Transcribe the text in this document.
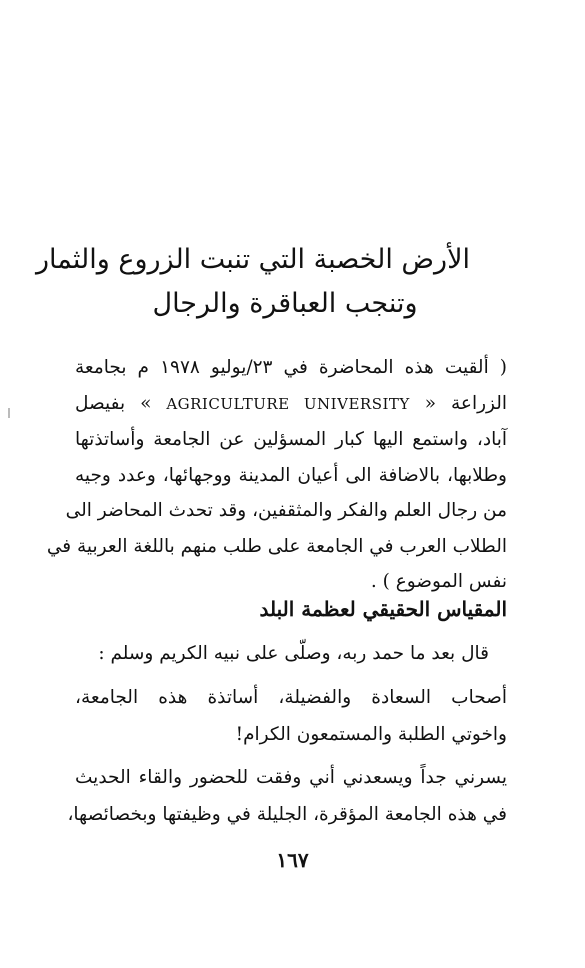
الأرض الخصبة التي تنبت الزروع والثمار
وتنجب العباقرة والرجال
( ألقيت هذه المحاضرة في ٢٣/يوليو ١٩٧٨ م بجامعة
الزراعة « AGRICULTURE UNIVERSITY » بفيصل
آباد، واستمع اليها كبار المسؤلين عن الجامعة وأساتذتها
وطلابها، بالاضافة الى أعيان المدينة ووجهائها، وعدد وجيه
من رجال العلم والفكر والمثقفين، وقد تحدث المحاضر الى
الطلاب العرب في الجامعة على طلب منهم باللغة العربية في
نفس الموضوع ) .
المقياس الحقيقي لعظمة البلد
قال بعد ما حمد ربه، وصلّى على نبيه الكريم وسلم :
أصحاب السعادة والفضيلة، أساتذة هذه الجامعة،
واخوتي الطلبة والمستمعون الكرام!
يسرني جداً ويسعدني أني وفقت للحضور والقاء الحديث
في هذه الجامعة المؤقرة، الجليلة في وظيفتها وبخصائصها،
١٦٧
